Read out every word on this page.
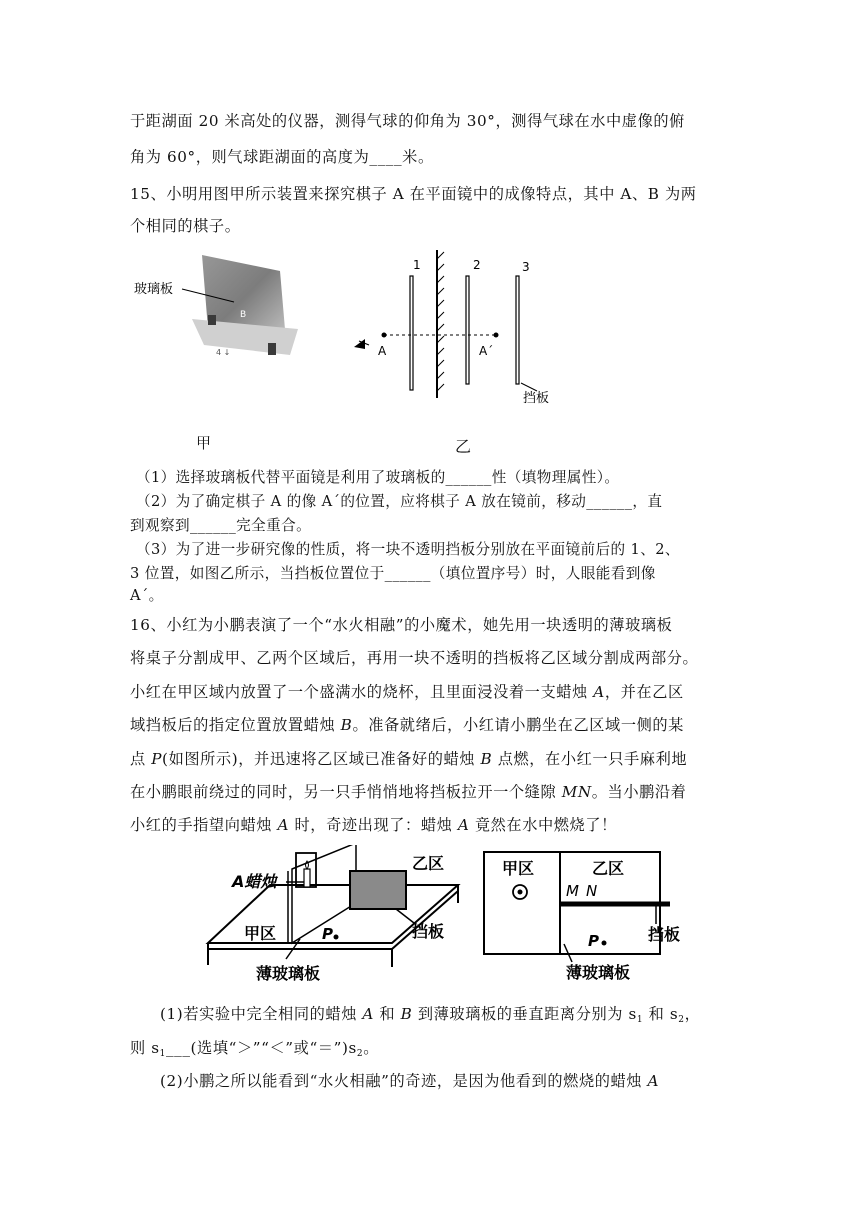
于距湖面 20 米高处的仪器，测得气球的仰角为 30°，测得气球在水中虚像的俯
角为 60°，则气球距湖面的高度为____米。
15、小明用图甲所示装置来探究棋子 A 在平面镜中的成像特点，其中 A、B 为两
个相同的棋子。
玻璃板
B
4 ↓
甲
1	2	3
A	A´
挡板
乙
（1）选择玻璃板代替平面镜是利用了玻璃板的______性（填物理属性）。
（2）为了确定棋子 A 的像 A´的位置，应将棋子 A 放在镜前，移动______，直
到观察到______完全重合。
（3）为了进一步研究像的性质，将一块不透明挡板分别放在平面镜前后的 1、2、
3 位置，如图乙所示，当挡板位置位于______（填位置序号）时，人眼能看到像
A´。
16、小红为小鹏表演了一个“水火相融”的小魔术，她先用一块透明的薄玻璃板
将桌子分割成甲、乙两个区域后，再用一块不透明的挡板将乙区域分割成两部分。
小红在甲区域内放置了一个盛满水的烧杯，且里面浸没着一支蜡烛 A，并在乙区
域挡板后的指定位置放置蜡烛 B。准备就绪后，小红请小鹏坐在乙区域一侧的某
点 P(如图所示)，并迅速将乙区域已准备好的蜡烛 B 点燃，在小红一只手麻利地
在小鹏眼前绕过的同时，另一只手悄悄地将挡板拉开一个缝隙 MN。当小鹏沿着
小红的手指望向蜡烛 A 时，奇迹出现了：蜡烛 A 竟然在水中燃烧了！
A蜡烛
乙区
甲区	P	挡板
薄玻璃板
甲区	乙区
M N
P	挡板
薄玻璃板
(1)若实验中完全相同的蜡烛 A 和 B 到薄玻璃板的垂直距离分别为 $s_1$ 和 $s_2$，
则 $s_1\_\_\_$(选填“＞”“＜”或“$=”)s_2$。
(2)小鹏之所以能看到“水火相融”的奇迹，是因为他看到的燃烧的蜡烛 A
